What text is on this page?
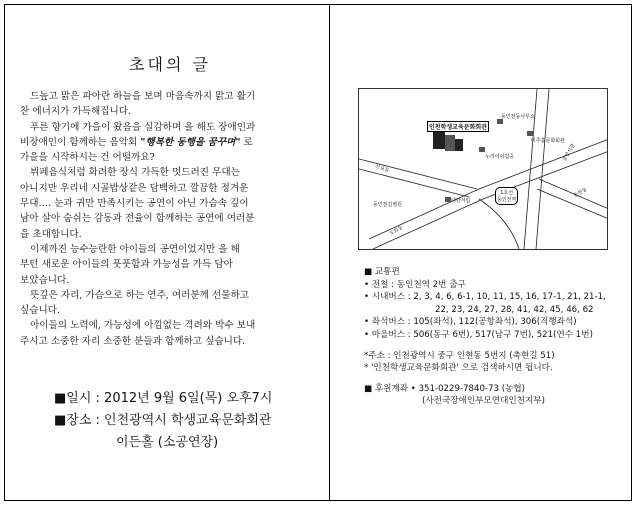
초대의 글

드높고 맑은 파아란 하늘을 보며 마음속까지 맑고 활기
찬 에너지가 가득해집니다.

푸른 향기에 가을이 왔음을 실감하며 올 해도 장애인과
비장애인이 함께하는 음악회 "행복한 동행을 꿈꾸며" 로
가을을 시작하시는 건 어떨까요?

뷔페음식처럼 화려한 장식 가득한 멋드러진 무대는
아니지만 우리네 시골밥상같은 담백하고 깔끔한 정겨운
무대…. 눈과 귀만 만족시키는 공연이 아닌 가슴속 깊이
남아 살아 숨쉬는 감동과 전율이 함께하는 공연에 여러분
을 초대합니다.

이제까진 능수능란한 아이들의 공연이었지만 올 해
부턴 새로운 아이들의 풋풋함과 가능성을 가득 담아
보았습니다.

뜻깊은 자리, 가슴으로 하는 연주, 여러분께 선물하고
싶습니다.

아이들의 노력에, 가능성에 아낌없는 격려와 박수 보내
주시고 소중한 자리 소중한 분들과 함께하고 싶습니다.

■일시 : 2012년 9월 6일(목) 오후7시
■장소 : 인천광역시 학생교육문화회관
이든홀 (소공연장)
인천학생교육문화회관
동인천동사무소
미추홀문화회관
누리어쉬집중
대한서림
1호선
동인천역
동인천길병원
신포동
중앙시장
송현동
도화동

■ 교통편

• 전철 : 동인천역 2번 출구

• 시내버스 : 2, 3, 4, 6, 6-1, 10, 11, 15, 16, 17-1, 21, 21-1,

22, 23, 24, 27, 28, 41, 42, 45, 46, 62

• 좌석버스 : 105(좌석), 112(공항좌석), 306(직행좌석)

• 마을버스 : 506(동구 6번), 517(남구 7번), 521(연수 1번)

*주소 : 인천광역시 중구 인현동 5번지 (축현길 51)

* '인천학생교육문화회관' 으로 검색하시면 됩니다.

■ 후원계좌 • 351-0229-7840-73 (농협)

(사전국장애인부모연대인천지부)
